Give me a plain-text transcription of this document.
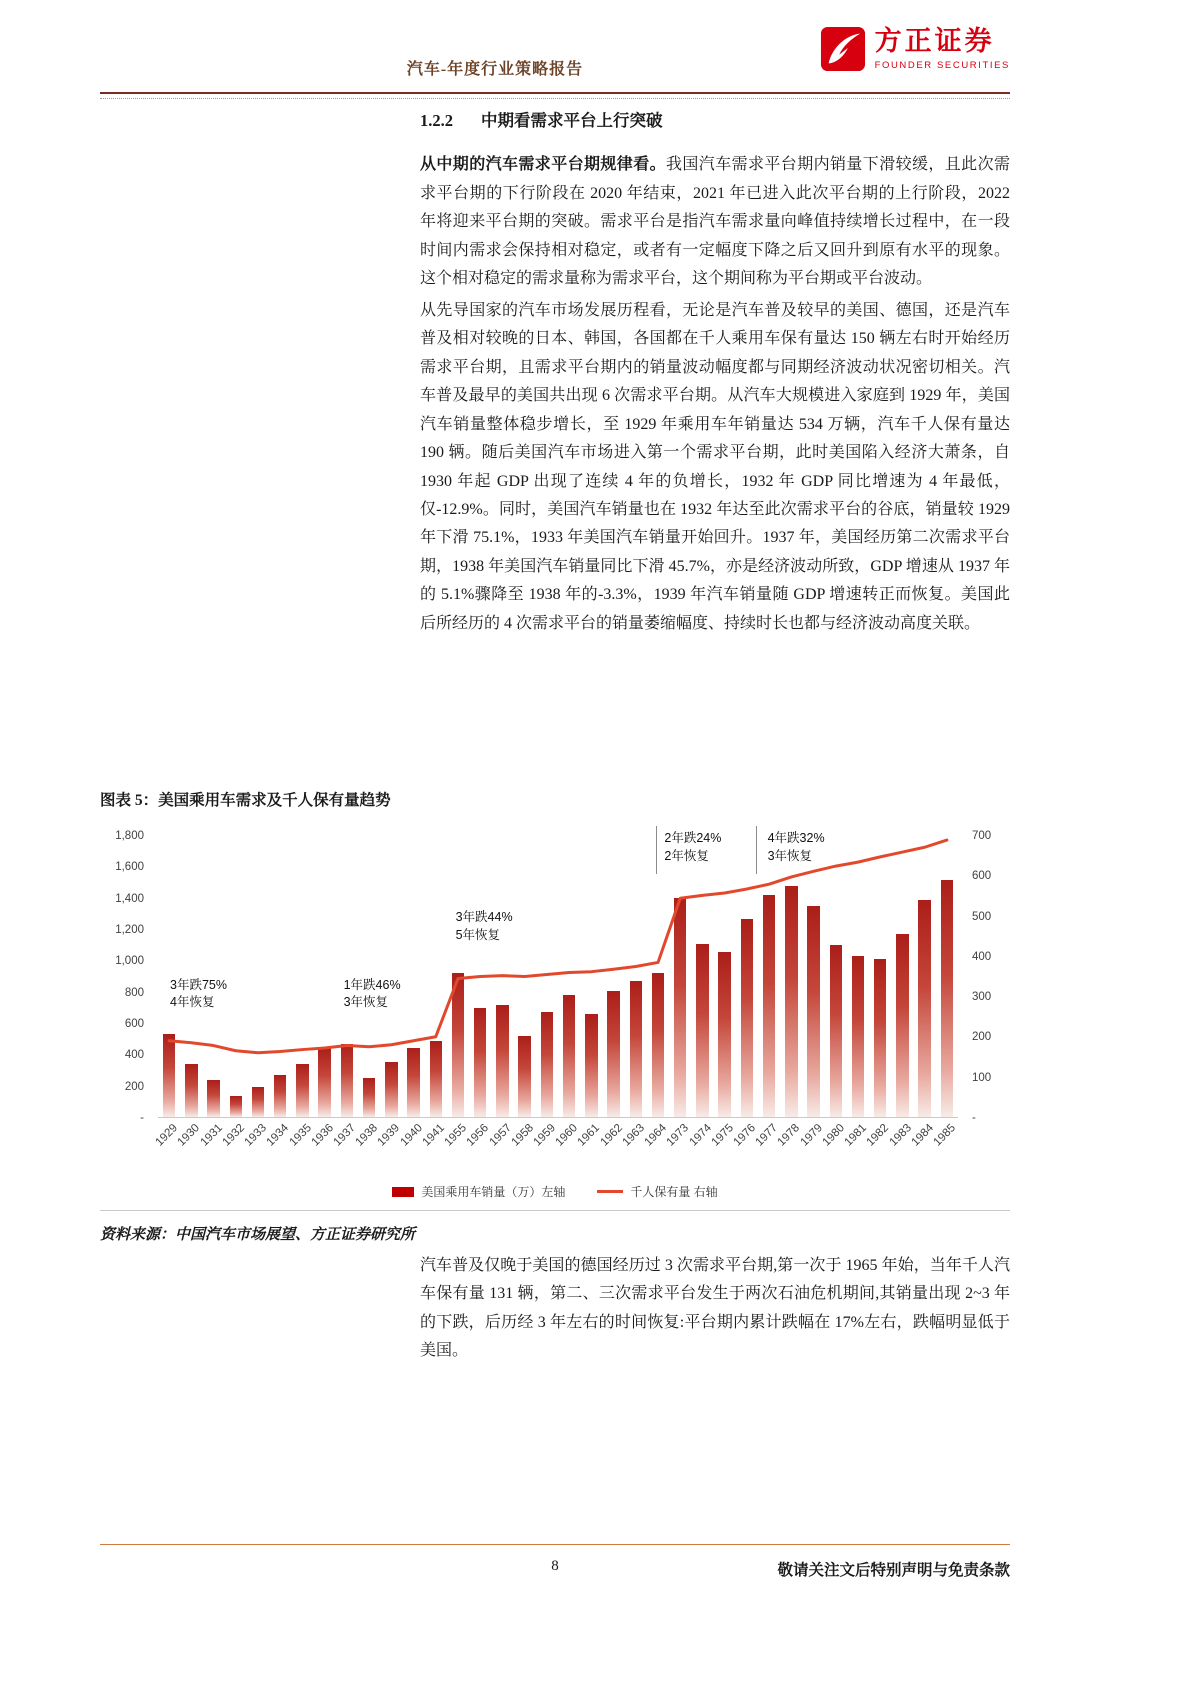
汽车-年度行业策略报告
方正证券
FOUNDER SECURITIES
1.2.2 中期看需求平台上行突破

从中期的汽车需求平台期规律看。我国汽车需求平台期内销量下滑较缓，且此次需求平台期的下行阶段在 2020 年结束，2021 年已进入此次平台期的上行阶段，2022 年将迎来平台期的突破。需求平台是指汽车需求量向峰值持续增长过程中，在一段时间内需求会保持相对稳定，或者有一定幅度下降之后又回升到原有水平的现象。这个相对稳定的需求量称为需求平台，这个期间称为平台期或平台波动。

从先导国家的汽车市场发展历程看，无论是汽车普及较早的美国、德国，还是汽车普及相对较晚的日本、韩国，各国都在千人乘用车保有量达 150 辆左右时开始经历需求平台期，且需求平台期内的销量波动幅度都与同期经济波动状况密切相关。汽车普及最早的美国共出现 6 次需求平台期。从汽车大规模进入家庭到 1929 年，美国汽车销量整体稳步增长，至 1929 年乘用车年销量达 534 万辆，汽车千人保有量达 190 辆。随后美国汽车市场进入第一个需求平台期，此时美国陷入经济大萧条，自 1930 年起 GDP 出现了连续 4 年的负增长，1932 年 GDP 同比增速为 4 年最低，仅-12.9%。同时，美国汽车销量也在 1932 年达至此次需求平台的谷底，销量较 1929 年下滑 75.1%，1933 年美国汽车销量开始回升。1937 年，美国经历第二次需求平台期，1938 年美国汽车销量同比下滑 45.7%，亦是经济波动所致，GDP 增速从 1937 年的 5.1%骤降至 1938 年的-3.3%，1939 年汽车销量随 GDP 增速转正而恢复。美国此后所经历的 4 次需求平台的销量萎缩幅度、持续时长也都与经济波动高度关联。

图表 5：美国乘用车需求及千人保有量趋势
1,800
1,600
1,400
1,200
1,000
800
600
400
200
-
700
600
500
400
300
200
100
-
3年跌75%
4年恢复
1年跌46%
3年恢复
3年跌44%
5年恢复
2年跌24%
2年恢复
4年跌32%
3年恢复
1929
1930
1931
1932
1933
1934
1935
1936
1937
1938
1939
1940
1941
1955
1956
1957
1958
1959
1960
1961
1962
1963
1964
1973
1974
1975
1976
1977
1978
1979
1980
1981
1982
1983
1984
1985
美国乘用车销量（万）左轴	千人保有量 右轴
资料来源：中国汽车市场展望、方正证券研究所

汽车普及仅晚于美国的德国经历过 3 次需求平台期,第一次于 1965 年始，当年千人汽车保有量 131 辆，第二、三次需求平台发生于两次石油危机期间,其销量出现 2~3 年的下跌，后历经 3 年左右的时间恢复:平台期内累计跌幅在 17%左右，跌幅明显低于美国。

8	敬请关注文后特别声明与免责条款
